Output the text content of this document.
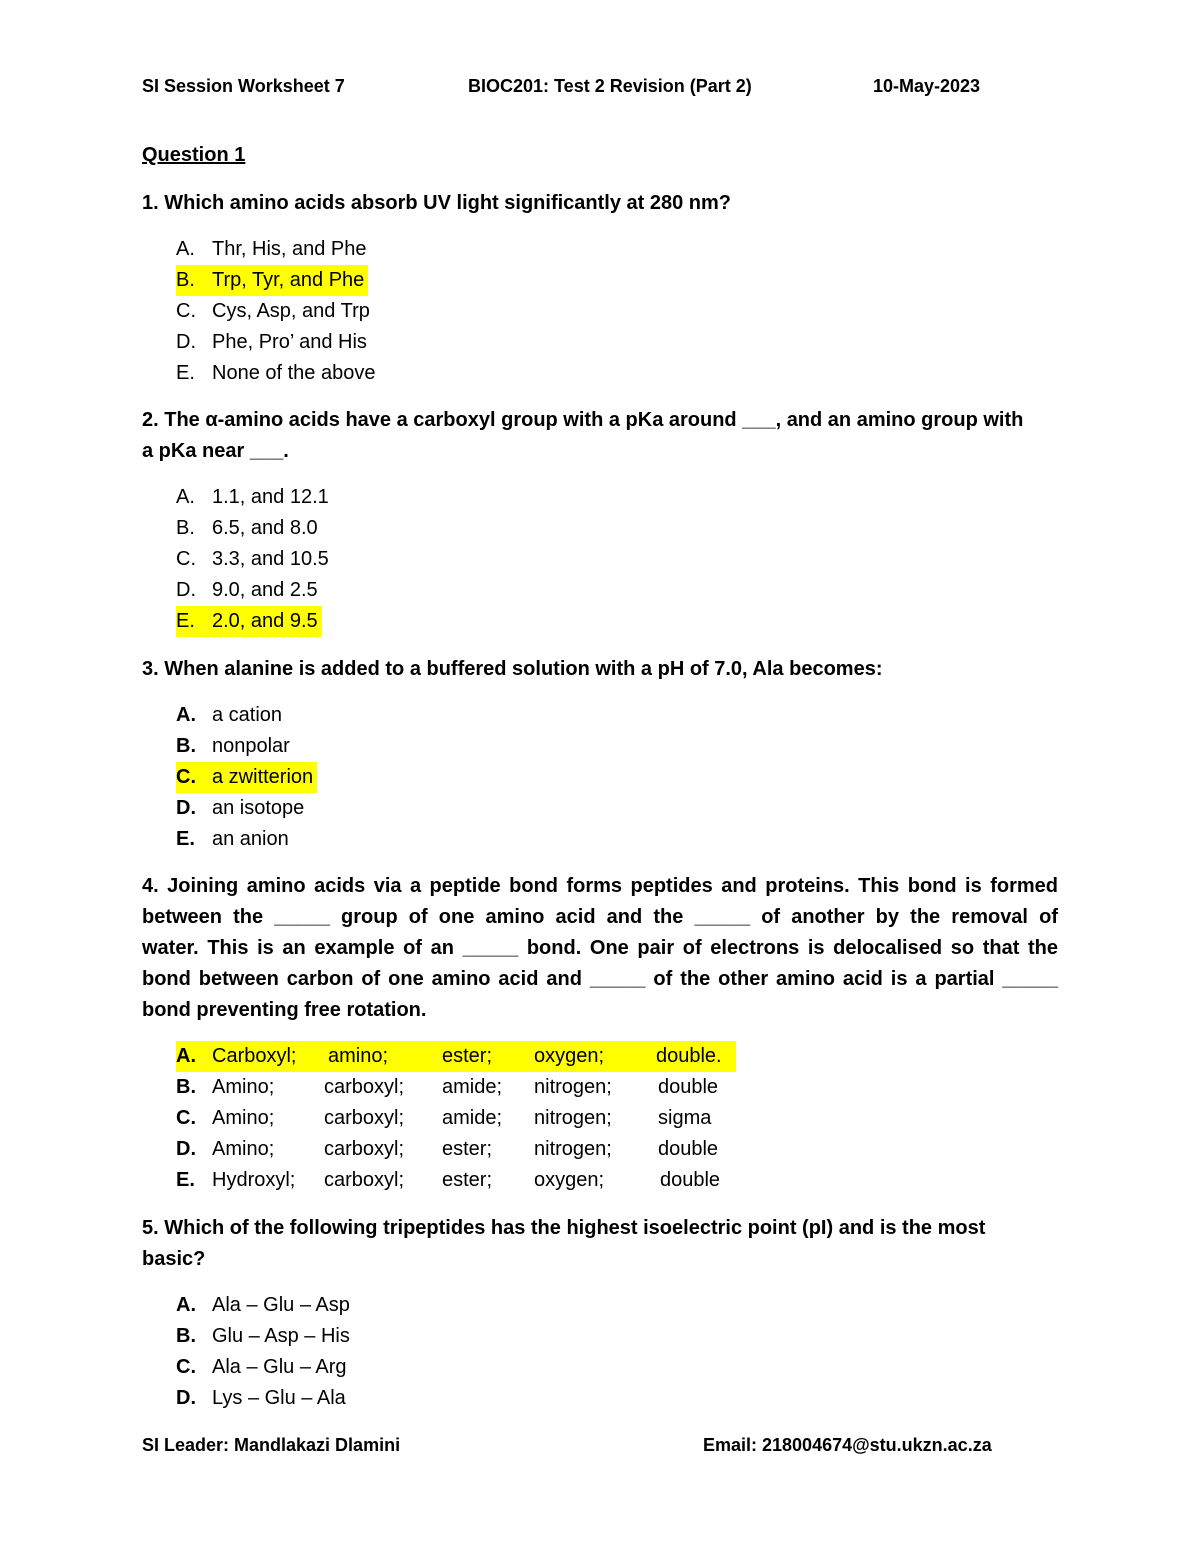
SI Session Worksheet 7	BIOC201: Test 2 Revision (Part 2)	10-May-2023
Question 1
1. Which amino acids absorb UV light significantly at 280 nm?
A. Thr, His, and Phe
B. Trp, Tyr, and Phe
C. Cys, Asp, and Trp
D. Phe, Pro’ and His
E. None of the above
2. The α-amino acids have a carboxyl group with a pKa around ___, and an amino group with
a pKa near ___.
A. 1.1, and 12.1
B. 6.5, and 8.0
C. 3.3, and 10.5
D. 9.0, and 2.5
E. 2.0, and 9.5
3. When alanine is added to a buffered solution with a pH of 7.0, Ala becomes:
A. a cation
B. nonpolar
C. a zwitterion
D. an isotope
E. an anion
4. Joining amino acids via a peptide bond forms peptides and proteins. This bond is formed
between the _____ group of one amino acid and the _____ of another by the removal of
water. This is an example of an _____ bond. One pair of electrons is delocalised so that the
bond between carbon of one amino acid and _____ of the other amino acid is a partial _____
bond preventing free rotation.
A. Carboxyl; amino;	ester; oxygen;	double.
B. Amino; carboxyl; amide; nitrogen; double
C. Amino; carboxyl; amide; nitrogen; sigma
D. Amino; carboxyl; ester; nitrogen; double
E. Hydroxyl; carboxyl; ester; oxygen;	double
5. Which of the following tripeptides has the highest isoelectric point (pI) and is the most
basic?
A. Ala – Glu – Asp
B. Glu – Asp – His
C. Ala – Glu – Arg
D. Lys – Glu – Ala
SI Leader: Mandlakazi Dlamini	Email: 218004674@stu.ukzn.ac.za
